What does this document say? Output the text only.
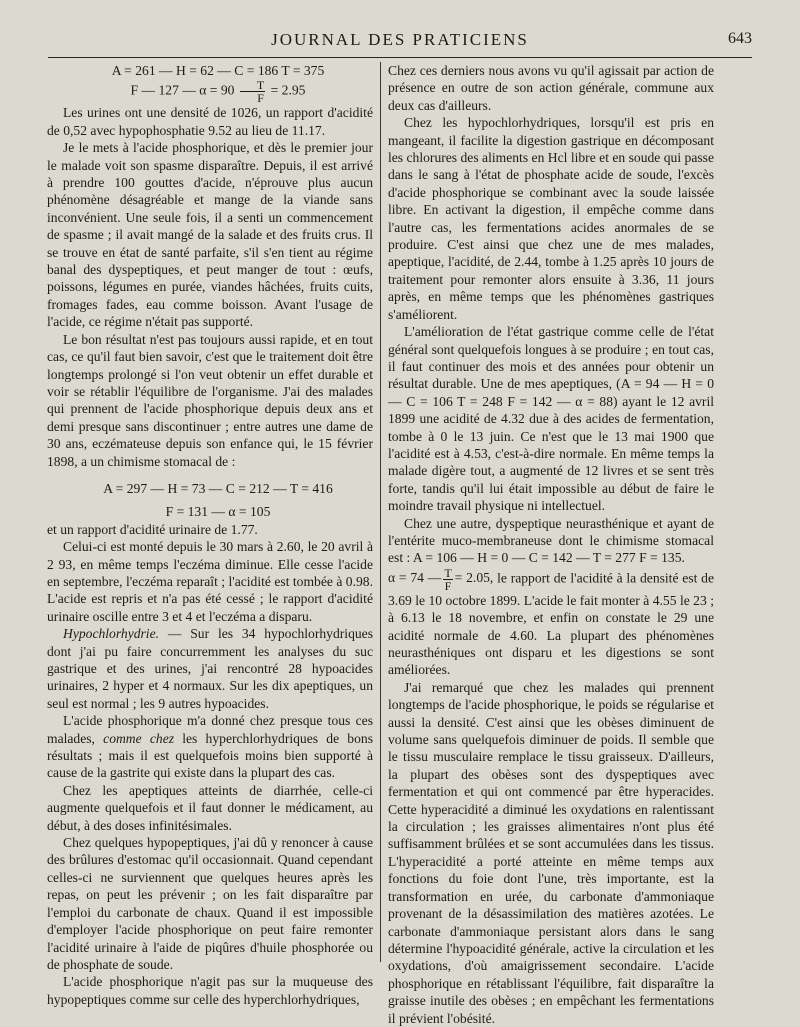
JOURNAL DES PRATICIENS	643

A = 261 — H = 62 — C = 186 T = 375

F — 127 — $\alpha = 90 \frac{T}{F} = 2.95$

Les urines ont une densité de 1026, un rapport d'acidité de 0,52 avec hypophosphatie 9.52 au lieu de 11.17.

Je le mets à l'acide phosphorique, et dès le premier jour le malade voit son spasme disparaître. Depuis, il est arrivé à prendre 100 gouttes d'acide, n'éprouve plus aucun phénomène désagréable et mange de la viande sans inconvénient. Une seule fois, il a senti un commencement de spasme ; il avait mangé de la salade et des fruits crus. Il se trouve en état de santé parfaite, s'il s'en tient au régime banal des dyspeptiques, et peut manger de tout : œufs, poissons, légumes en purée, viandes hâchées, fruits cuits, fromages fades, eau comme boisson. Avant l'usage de l'acide, ce régime n'était pas supporté.

Le bon résultat n'est pas toujours aussi rapide, et en tout cas, ce qu'il faut bien savoir, c'est que le traitement doit être longtemps prolongé si l'on veut obtenir un effet durable et voir se rétablir l'équilibre de l'organisme. J'ai des malades qui prennent de l'acide phosphorique depuis deux ans et demi presque sans discontinuer ; entre autres une dame de 30 ans, eczémateuse depuis son enfance qui, le 15 février 1898, a un chimisme stomacal de :

A = 297 — H = 73 — C = 212 — T = 416

F = 131 — α = 105

et un rapport d'acidité urinaire de 1.77.

Celui-ci est monté depuis le 30 mars à 2.60, le 20 avril à 2 93, en même temps l'eczéma diminue. Elle cesse l'acide en septembre, l'eczéma reparaît ; l'acidité est tombée à 0.98. L'acide est repris et n'a pas été cessé ; le rapport d'acidité urinaire oscille entre 3 et 4 et l'eczéma a disparu.

Hypochlorhydrie. — Sur les 34 hypochlorhydriques dont j'ai pu faire concurremment les analyses du suc gastrique et des urines, j'ai rencontré 28 hypoacides urinaires, 2 hyper et 4 normaux. Sur les dix apeptiques, un seul est normal ; les 9 autres hypoacides.

L'acide phosphorique m'a donné chez presque tous ces malades, comme chez les hyperchlorhydriques de bons résultats ; mais il est quelquefois moins bien supporté à cause de la gastrite qui existe dans la plupart des cas.

Chez les apeptiques atteints de diarrhée, celle-ci augmente quelquefois et il faut donner le médicament, au début, à des doses infinitésimales.

Chez quelques hypopeptiques, j'ai dû y renoncer à cause des brûlures d'estomac qu'il occasionnait. Quand cependant celles-ci ne surviennent que quelques heures après les repas, on peut les prévenir ; on les fait disparaître par l'emploi du carbonate de chaux. Quand il est impossible d'employer l'acide phosphorique on peut faire remonter l'acidité urinaire à l'aide de piqûres d'huile phosphorée ou de phosphate de soude.

L'acide phosphorique n'agit pas sur la muqueuse des hypopeptiques comme sur celle des hyperchlorhydriques,

Chez ces derniers nous avons vu qu'il agissait par action de présence en outre de son action générale, commune aux deux cas d'ailleurs.

Chez les hypochlorhydriques, lorsqu'il est pris en mangeant, il facilite la digestion gastrique en décomposant les chlorures des aliments en Hcl libre et en soude qui passe dans le sang à l'état de phosphate acide de soude, l'excès d'acide phosphorique se combinant avec la soude laissée libre. En activant la digestion, il empêche comme dans l'autre cas, les fermentations acides anormales de se produire. C'est ainsi que chez une de mes malades, apeptique, l'acidité, de 2.44, tombe à 1.25 après 10 jours de traitement pour remonter alors ensuite à 3.36, 11 jours après, en même temps que les phénomènes gastriques s'améliorent.

L'amélioration de l'état gastrique comme celle de l'état général sont quelquefois longues à se produire ; en tout cas, il faut continuer des mois et des années pour obtenir un résultat durable. Une de mes apeptiques, (A = 94 — H = 0 — C = 106 T = 248 F = 142 — α = 88) ayant le 12 avril 1899 une acidité de 4.32 due à des acides de fermentation, tombe à 0 le 13 juin. Ce n'est que le 13 mai 1900 que l'acidité est à 4.53, c'est-à-dire normale. En même temps la malade digère tout, a augmenté de 12 livres et se sent très forte, tandis qu'il lui était impossible au début de faire le moindre travail physique ni intellectuel.

Chez une autre, dyspeptique neurasthénique et ayant de l'entérite muco-membraneuse dont le chimisme stomacal est : A = 106 — H = 0 — C = 142 — T = 277 F = 135.

α = 74 — $\frac{T}{F} = 2.05$, le rapport de l'acidité à la densité est de 3.69 le 10 octobre 1899. L'acide le fait monter à 4.55 le 23 ; à 6.13 le 18 novembre, et enfin on constate le 29 une acidité normale de 4.60. La plupart des phénomènes neurasthéniques ont disparu et les digestions se sont améliorées.

J'ai remarqué que chez les malades qui prennent longtemps de l'acide phosphorique, le poids se régularise et aussi la densité. C'est ainsi que les obèses diminuent de volume sans quelquefois diminuer de poids. Il semble que le tissu musculaire remplace le tissu graisseux. D'ailleurs, la plupart des obèses sont des dyspeptiques avec fermentation et qui ont commencé par être hyperacides. Cette hyperacidité a diminué les oxydations en ralentissant la circulation ; les graisses alimentaires n'ont plus été suffisamment brûlées et se sont accumulées dans les tissus. L'hyperacidité a porté atteinte en même temps aux fonctions du foie dont l'une, très importante, est la transformation en urée, du carbonate d'ammoniaque provenant de la désassimilation des matières azotées. Le carbonate d'ammoniaque persistant alors dans le sang détermine l'hypoacidité générale, active la circulation et les oxydations, d'où amaigrissement secondaire. L'acide phosphorique en rétablissant l'équilibre, fait disparaître la graisse inutile des obèses ; en empêchant les fermentations il prévient l'obésité.
